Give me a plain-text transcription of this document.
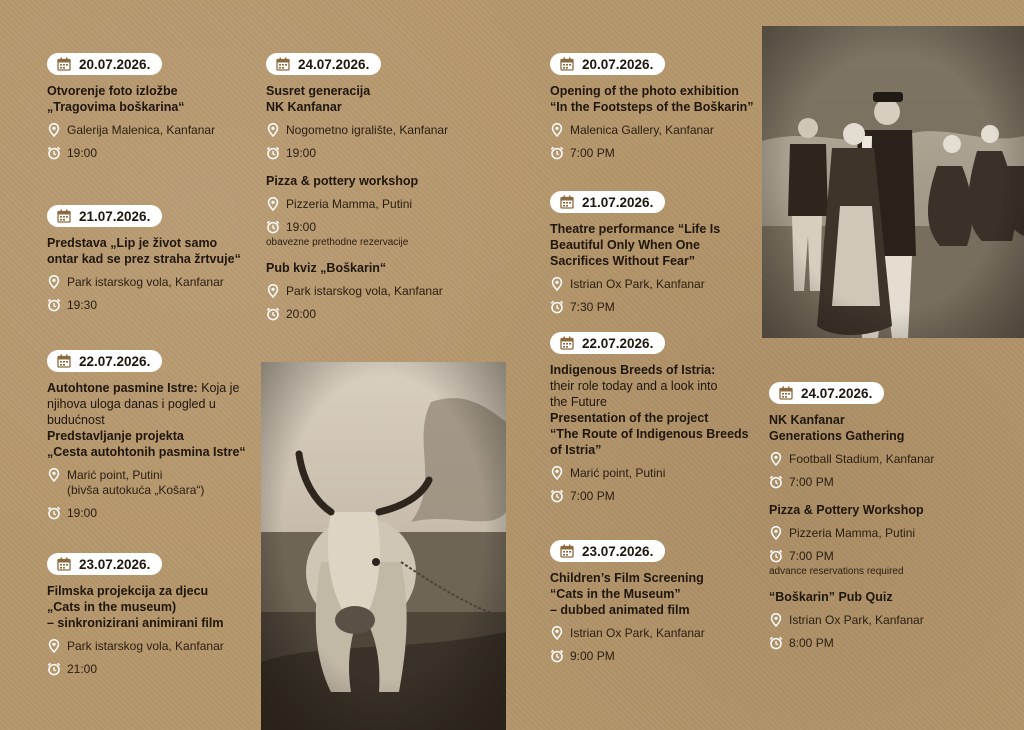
20.07.2026.
Otvorenje foto izložbe
„Tragovima boškarina“
Galerija Malenica, Kanfanar
19:00
21.07.2026.
Predstava „Lip je život samo
ontar kad se prez straha žrtvuje“
Park istarskog vola, Kanfanar
19:30
22.07.2026.
Autohtone pasmine Istre: Koja je
njihova uloga danas i pogled u
budućnost
Predstavljanje projekta
„Cesta autohtonih pasmina Istre“
Marić point, Putini
(bivša autokuća „Košara“)
19:00
23.07.2026.
Filmska projekcija za djecu
„Cats in the museum)
– sinkronizirani animirani film
Park istarskog vola, Kanfanar
21:00
24.07.2026.
Susret generacija
NK Kanfanar
Nogometno igralište, Kanfanar
19:00
Pizza & pottery workshop
Pizzeria Mamma, Putini
19:00
obavezne prethodne rezervacije
Pub kviz „Boškarin“
Park istarskog vola, Kanfanar
20:00
20.07.2026.
Opening of the photo exhibition
“In the Footsteps of the Boškarin”
Malenica Gallery, Kanfanar
7:00 PM
21.07.2026.
Theatre performance “Life Is
Beautiful Only When One
Sacrifices Without Fear”
Istrian Ox Park, Kanfanar
7:30 PM
22.07.2026.
Indigenous Breeds of Istria:
their role today and a look into
the Future
Presentation of the project
“The Route of Indigenous Breeds
of Istria”
Marić point, Putini
7:00 PM
23.07.2026.
Children’s Film Screening
“Cats in the Museum”
– dubbed animated film
Istrian Ox Park, Kanfanar
9:00 PM
24.07.2026.
NK Kanfanar
Generations Gathering
Football Stadium, Kanfanar
7:00 PM
Pizza & Pottery Workshop
Pizzeria Mamma, Putini
7:00 PM
advance reservations required
“Boškarin” Pub Quiz
Istrian Ox Park, Kanfanar
8:00 PM
